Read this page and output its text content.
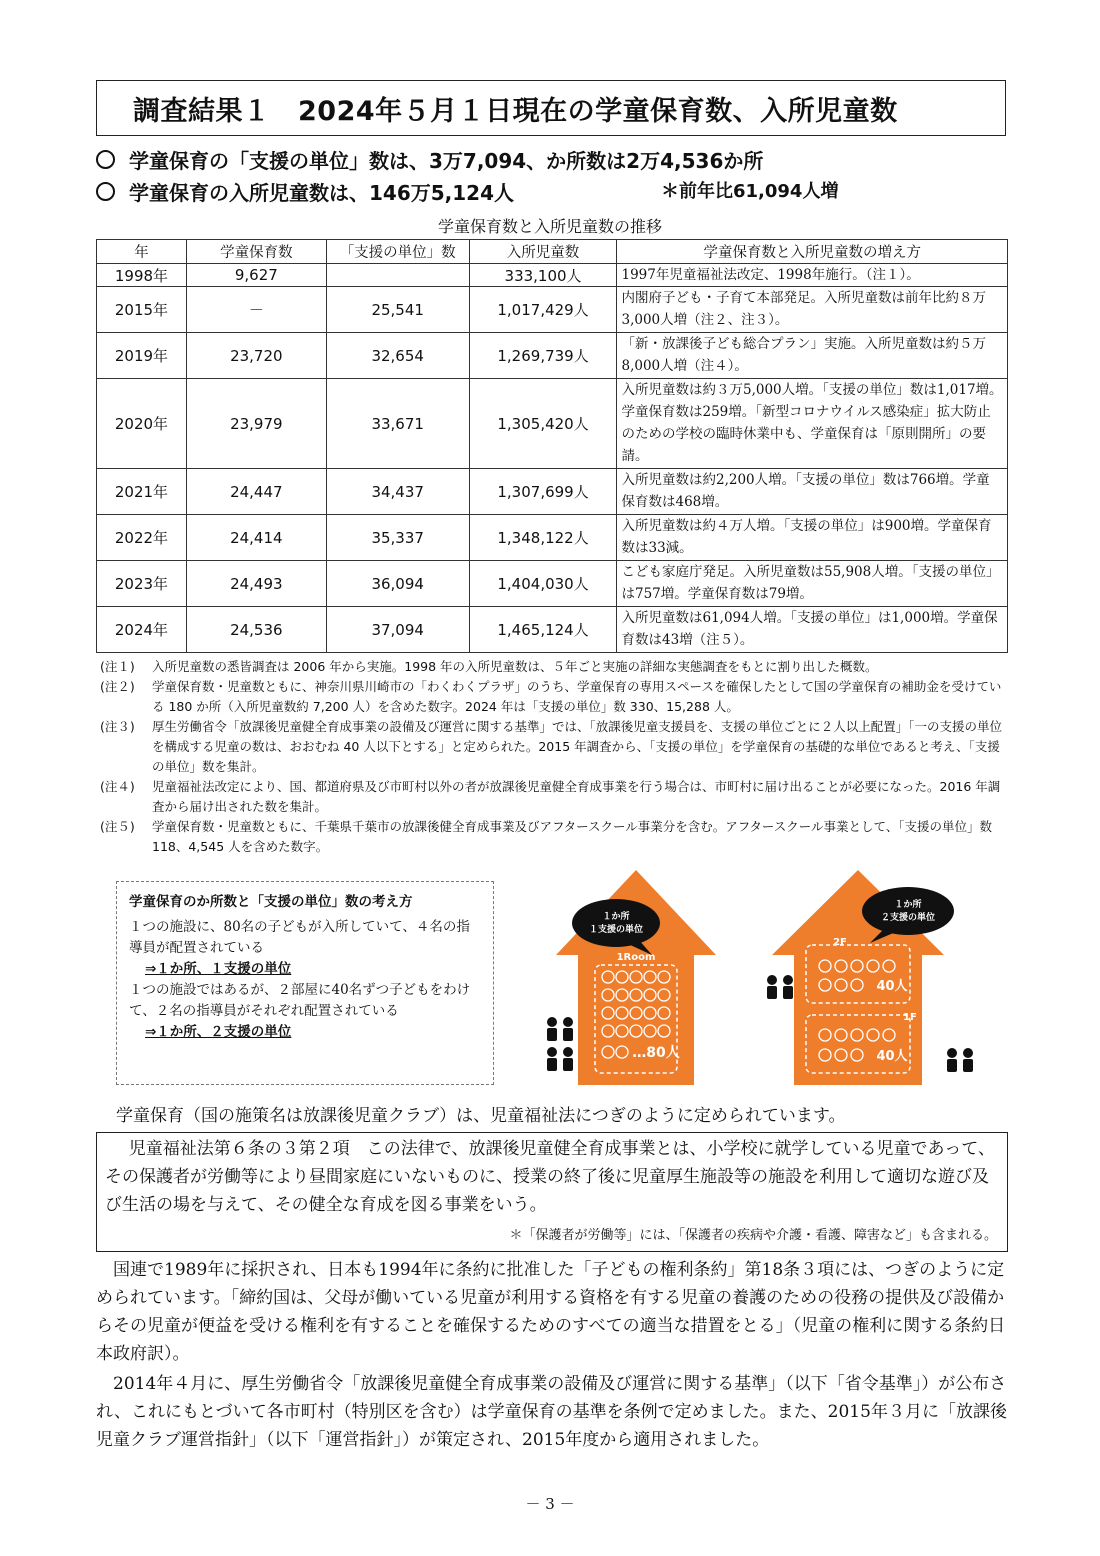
調査結果１　2024年５月１日現在の学童保育数、入所児童数
学童保育の「支援の単位」数は、3万7,094、か所数は2万4,536か所
学童保育の入所児童数は、146万5,124人	＊前年比61,094人増
学童保育数と入所児童数の推移
年	学童保育数	「支援の単位」数	入所児童数	学童保育数と入所児童数の増え方
1998年	9,627		333,100人	1997年児童福祉法改定、1998年施行。（注１）。
2015年	－	25,541	1,017,429人	内閣府子ども・子育て本部発足。入所児童数は前年比約８万3,000人増（注２、注３）。
2019年	23,720	32,654	1,269,739人	「新・放課後子ども総合プラン」実施。入所児童数は約５万8,000人増（注４）。
2020年	23,979	33,671	1,305,420人	入所児童数は約３万5,000人増。「支援の単位」数は1,017増。学童保育数は259増。「新型コロナウイルス感染症」拡大防止のための学校の臨時休業中も、学童保育は「原則開所」の要請。
2021年	24,447	34,437	1,307,699人	入所児童数は約2,200人増。「支援の単位」数は766増。学童保育数は468増。
2022年	24,414	35,337	1,348,122人	入所児童数は約４万人増。「支援の単位」は900増。学童保育数は33減。
2023年	24,493	36,094	1,404,030人	こども家庭庁発足。入所児童数は55,908人増。「支援の単位」は757増。学童保育数は79増。
2024年	24,536	37,094	1,465,124人	入所児童数は61,094人増。「支援の単位」は1,000増。学童保育数は43増（注５）。
(注１)	入所児童数の悉皆調査は 2006 年から実施。1998 年の入所児童数は、５年ごと実施の詳細な実態調査をもとに割り出した概数。
(注２)	学童保育数・児童数ともに、神奈川県川崎市の「わくわくプラザ」のうち、学童保育の専用スペースを確保したとして国の学童保育の補助金を受けている 180 か所（入所児童数約 7,200 人）を含めた数字。2024 年は「支援の単位」数 330、15,288 人。
(注３)	厚生労働省令「放課後児童健全育成事業の設備及び運営に関する基準」では、「放課後児童支援員を、支援の単位ごとに２人以上配置」「一の支援の単位を構成する児童の数は、おおむね 40 人以下とする」と定められた。2015 年調査から、「支援の単位」を学童保育の基礎的な単位であると考え、「支援の単位」数を集計。
(注４)	児童福祉法改定により、国、都道府県及び市町村以外の者が放課後児童健全育成事業を行う場合は、市町村に届け出ることが必要になった。2016 年調査から届け出された数を集計。
(注５)	学童保育数・児童数ともに、千葉県千葉市の放課後健全育成事業及びアフタースクール事業分を含む。アフタースクール事業として、「支援の単位」数 118、4,545 人を含めた数字。
学童保育のか所数と「支援の単位」数の考え方
１つの施設に、80名の子どもが入所していて、４名の指導員が配置されている
⇒１か所、１支援の単位
１つの施設ではあるが、２部屋に40名ずつ子どもをわけて、２名の指導員がそれぞれ配置されている
⇒１か所、２支援の単位
1Room
…80人
１か所
１支援の単位
2F
1F
40人
40人
１か所
２支援の単位
学童保育（国の施策名は放課後児童クラブ）は、児童福祉法につぎのように定められています。
児童福祉法第６条の３第２項　この法律で、放課後児童健全育成事業とは、小学校に就学している児童であって、その保護者が労働等により昼間家庭にいないものに、授業の終了後に児童厚生施設等の施設を利用して適切な遊び及び生活の場を与えて、その健全な育成を図る事業をいう。
＊「保護者が労働等」には、「保護者の疾病や介護・看護、障害など」も含まれる。
国連で1989年に採択され、日本も1994年に条約に批准した「子どもの権利条約」第18条３項には、つぎのように定められています。「締約国は、父母が働いている児童が利用する資格を有する児童の養護のための役務の提供及び設備からその児童が便益を受ける権利を有することを確保するためのすべての適当な措置をとる」（児童の権利に関する条約日本政府訳）。
2014年４月に、厚生労働省令「放課後児童健全育成事業の設備及び運営に関する基準」（以下「省令基準」）が公布され、これにもとづいて各市町村（特別区を含む）は学童保育の基準を条例で定めました。また、2015年３月に「放課後児童クラブ運営指針」（以下「運営指針」）が策定され、2015年度から適用されました。
－ 3 －
